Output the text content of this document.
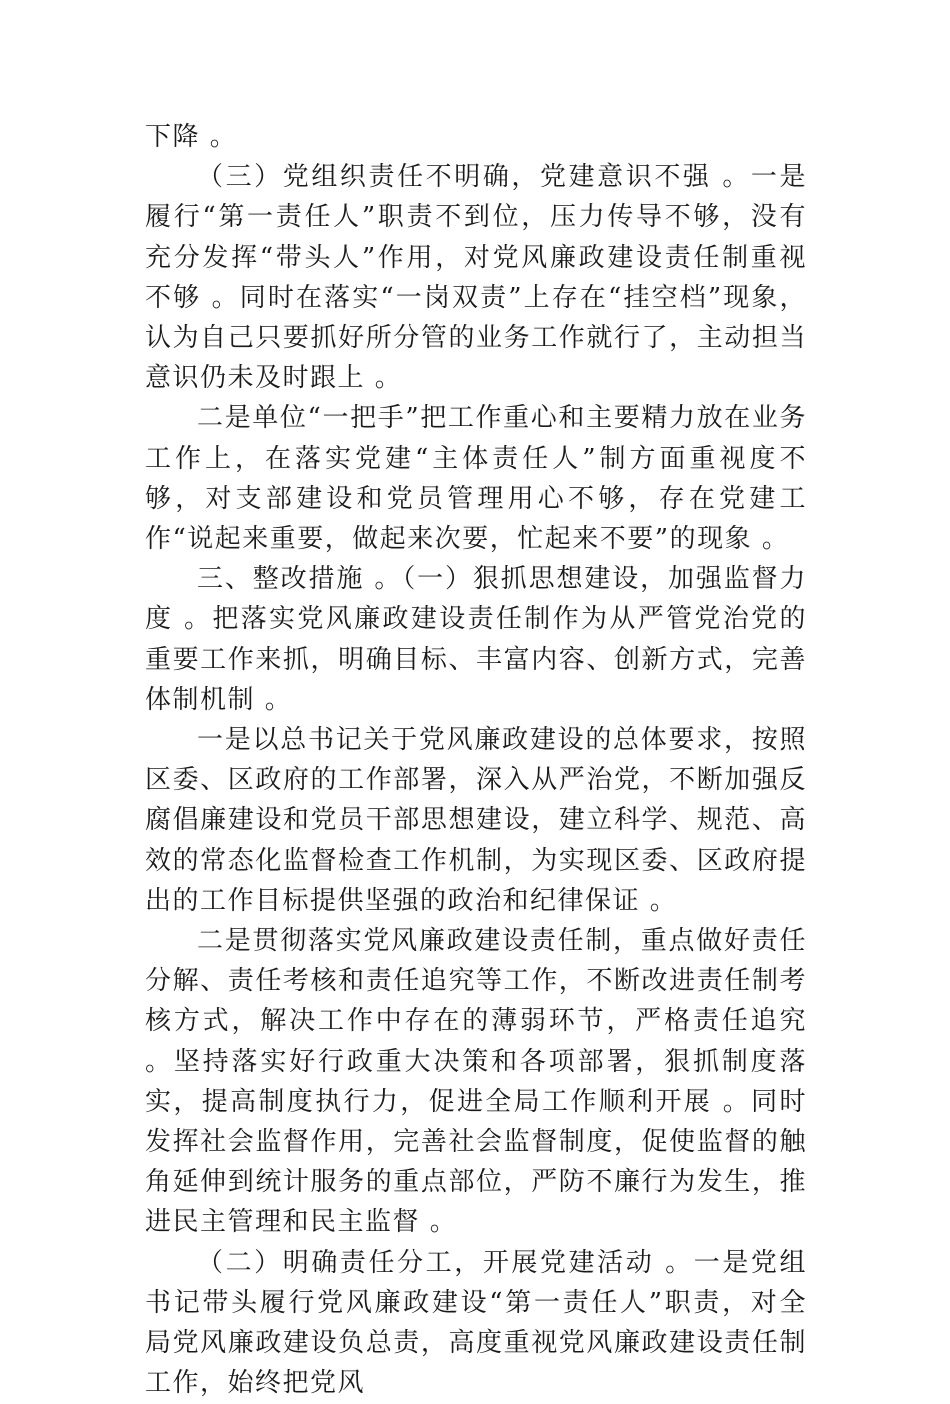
下降 。

（三）党组织责任不明确，党建意识不强 。一是履行“第一责任人”职责不到位，压力传导不够，没有充分发挥“带头人”作用，对党风廉政建设责任制重视不够 。同时在落实“一岗双责”上存在“挂空档”现象，认为自己只要抓好所分管的业务工作就行了，主动担当意识仍未及时跟上 。

二是单位“一把手”把工作重心和主要精力放在业务工作上，在落实党建“主体责任人”制方面重视度不够，对支部建设和党员管理用心不够，存在党建工作“说起来重要，做起来次要，忙起来不要”的现象 。

三、整改措施 。（一）狠抓思想建设，加强监督力度 。把落实党风廉政建设责任制作为从严管党治党的重要工作来抓，明确目标、丰富内容、创新方式，完善体制机制 。

一是以总书记关于党风廉政建设的总体要求，按照区委、区政府的工作部署，深入从严治党，不断加强反腐倡廉建设和党员干部思想建设，建立科学、规范、高效的常态化监督检查工作机制，为实现区委、区政府提出的工作目标提供坚强的政治和纪律保证 。

二是贯彻落实党风廉政建设责任制，重点做好责任分解、责任考核和责任追究等工作，不断改进责任制考核方式，解决工作中存在的薄弱环节，严格责任追究 。坚持落实好行政重大决策和各项部署，狠抓制度落实，提高制度执行力，促进全局工作顺利开展 。同时发挥社会监督作用，完善社会监督制度，促使监督的触角延伸到统计服务的重点部位，严防不廉行为发生，推进民主管理和民主监督 。

（二）明确责任分工，开展党建活动 。一是党组书记带头履行党风廉政建设“第一责任人”职责，对全局党风廉政建设负总责，高度重视党风廉政建设责任制工作，始终把党风
